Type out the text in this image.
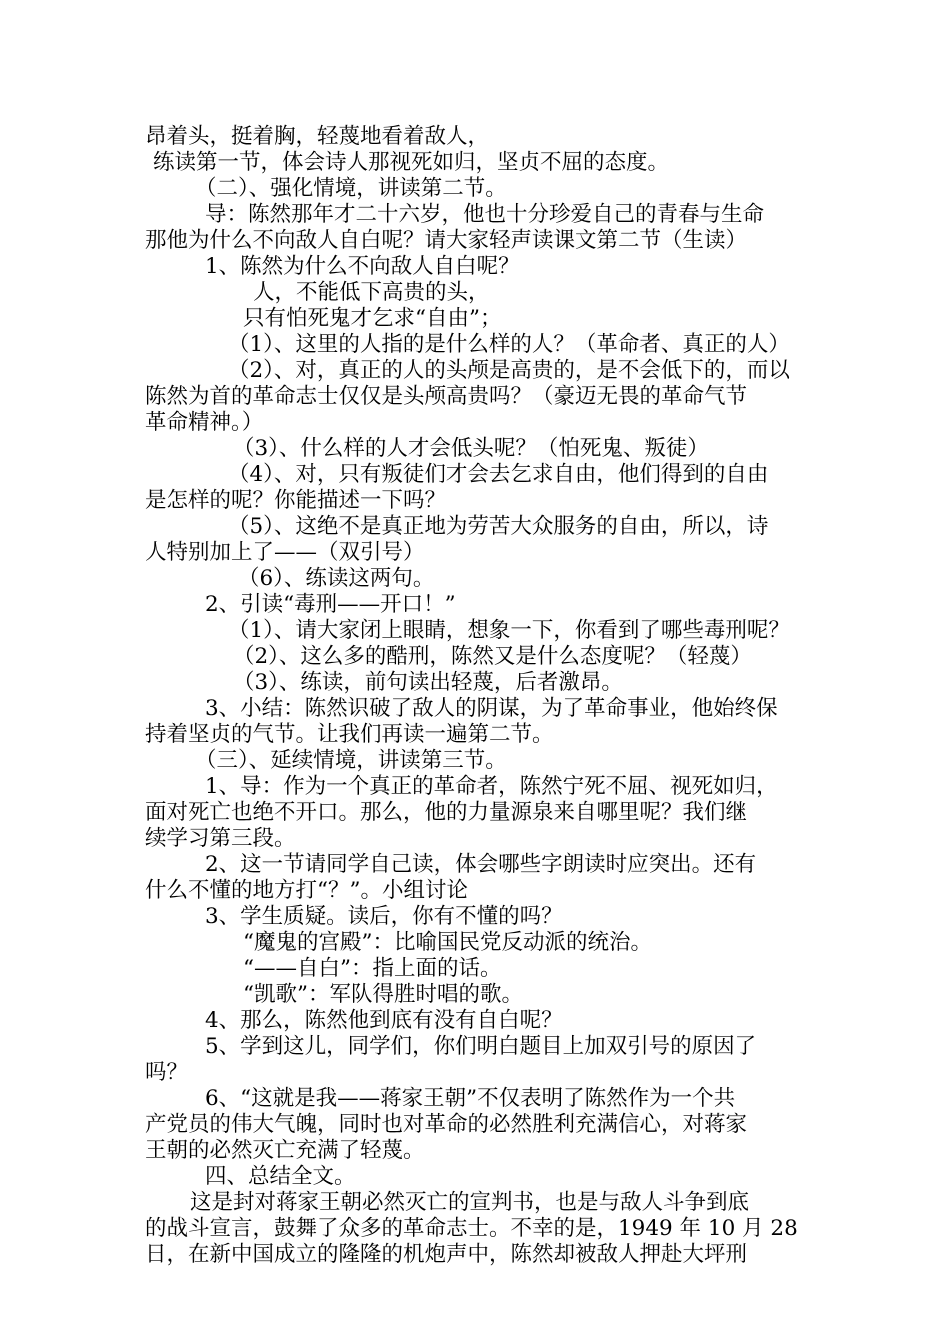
昂着头，挺着胸，轻蔑地看着敌人，
练读第一节，体会诗人那视死如归，坚贞不屈的态度。
（二）、强化情境，讲读第二节。
导：陈然那年才二十六岁，他也十分珍爱自己的青春与生命
那他为什么不向敌人自白呢？请大家轻声读课文第二节（生读）
1、陈然为什么不向敌人自白呢？
人，不能低下高贵的头，
只有怕死鬼才乞求“自由”；
（1）、这里的人指的是什么样的人？（革命者、真正的人）
（2）、对，真正的人的头颅是高贵的，是不会低下的，而以
陈然为首的革命志士仅仅是头颅高贵吗？（豪迈无畏的革命气节
革命精神。）
（3）、什么样的人才会低头呢？（怕死鬼、叛徒）
（4）、对，只有叛徒们才会去乞求自由，他们得到的自由
是怎样的呢？你能描述一下吗？
（5）、这绝不是真正地为劳苦大众服务的自由，所以，诗
人特别加上了——（双引号）
（6）、练读这两句。
2、引读“毒刑——开口！”
（1）、请大家闭上眼睛，想象一下，你看到了哪些毒刑呢？
（2）、这么多的酷刑，陈然又是什么态度呢？（轻蔑）
（3）、练读，前句读出轻蔑，后者激昂。
3、小结：陈然识破了敌人的阴谋，为了革命事业，他始终保
持着坚贞的气节。让我们再读一遍第二节。
（三）、延续情境，讲读第三节。
1、导：作为一个真正的革命者，陈然宁死不屈、视死如归，
面对死亡也绝不开口。那么，他的力量源泉来自哪里呢？我们继
续学习第三段。
2、这一节请同学自己读，体会哪些字朗读时应突出。还有
什么不懂的地方打“？”。小组讨论
3、学生质疑。读后，你有不懂的吗？
“魔鬼的宫殿”：比喻国民党反动派的统治。
“——自白”：指上面的话。
“凯歌”：军队得胜时唱的歌。
4、那么，陈然他到底有没有自白呢？
5、学到这儿，同学们，你们明白题目上加双引号的原因了
吗？
6、“这就是我——蒋家王朝”不仅表明了陈然作为一个共
产党员的伟大气魄，同时也对革命的必然胜利充满信心，对蒋家
王朝的必然灭亡充满了轻蔑。
四、总结全文。
这是封对蒋家王朝必然灭亡的宣判书，也是与敌人斗争到底
的战斗宣言，鼓舞了众多的革命志士。不幸的是，1949 年 10 月 28
日，在新中国成立的隆隆的机炮声中，陈然却被敌人押赴大坪刑
